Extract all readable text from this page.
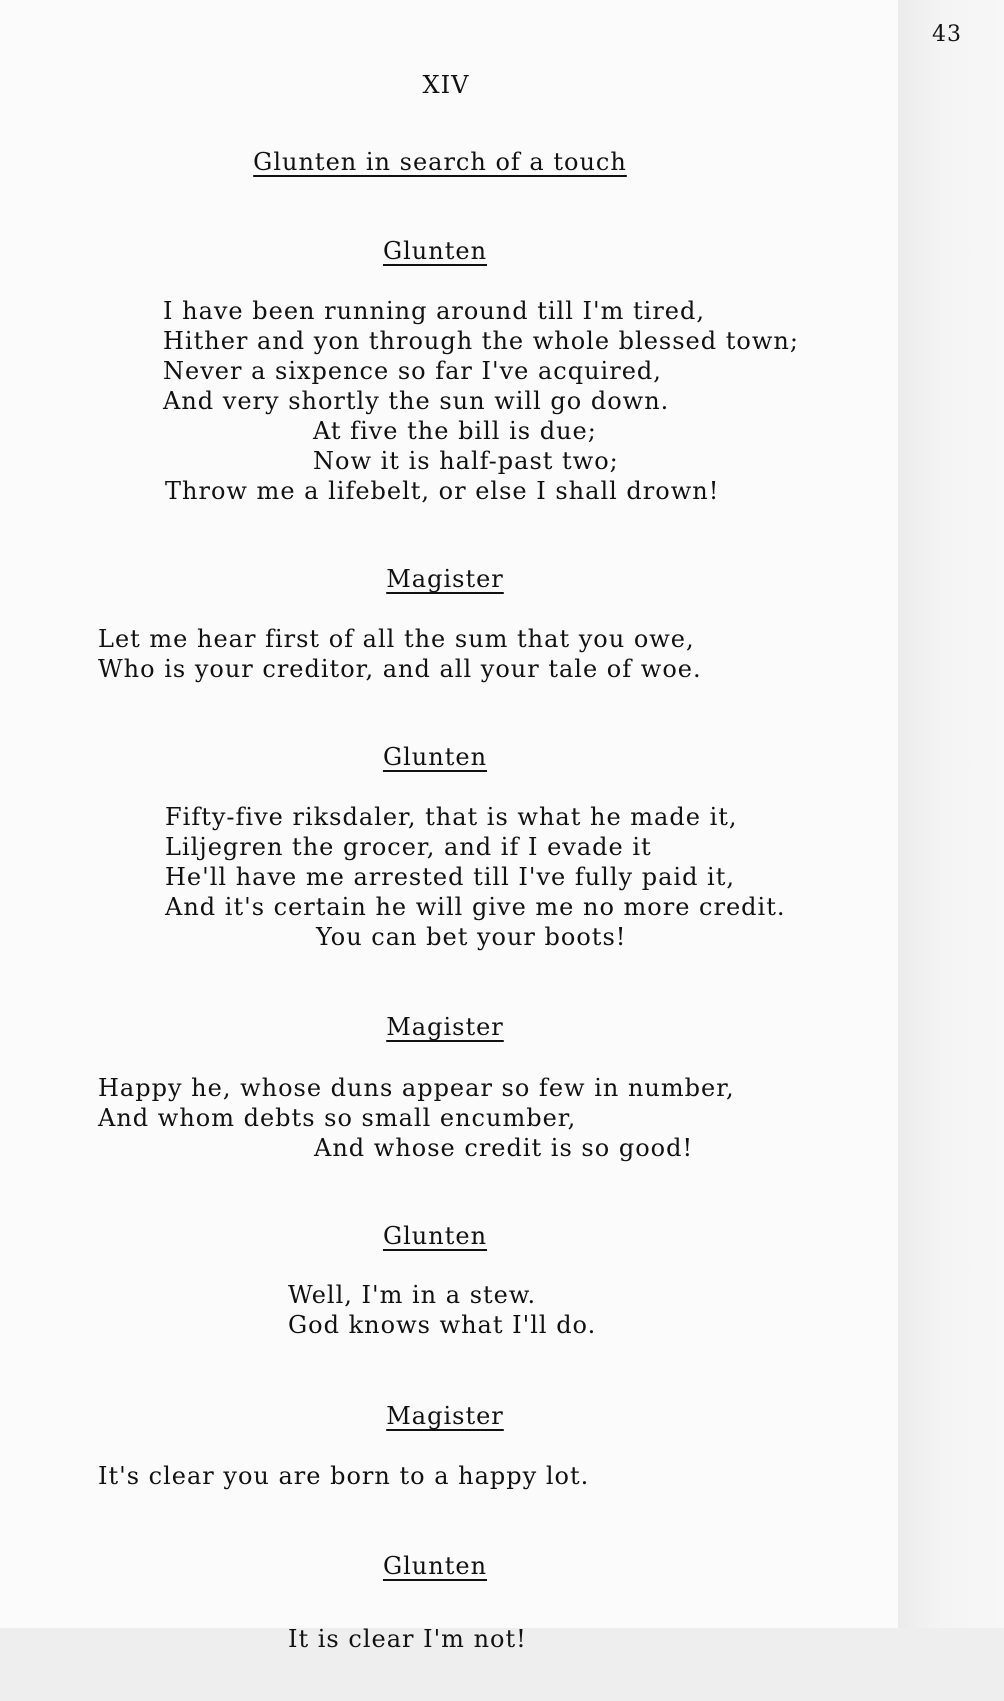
43
XIV
Glunten in search of a touch
Glunten
I have been running around till I'm tired,
Hither and yon through the whole blessed town;
Never a sixpence so far I've acquired,
And very shortly the sun will go down.
At five the bill is due;
Now it is half-past two;
Throw me a lifebelt, or else I shall drown!
Magister
Let me hear first of all the sum that you owe,
Who is your creditor, and all your tale of woe.
Glunten
Fifty-five riksdaler, that is what he made it,
Liljegren the grocer, and if I evade it
He'll have me arrested till I've fully paid it,
And it's certain he will give me no more credit.
You can bet your boots!
Magister
Happy he, whose duns appear so few in number,
And whom debts so small encumber,
And whose credit is so good!
Glunten
Well, I'm in a stew.
God knows what I'll do.
Magister
It's clear you are born to a happy lot.
Glunten
It is clear I'm not!
